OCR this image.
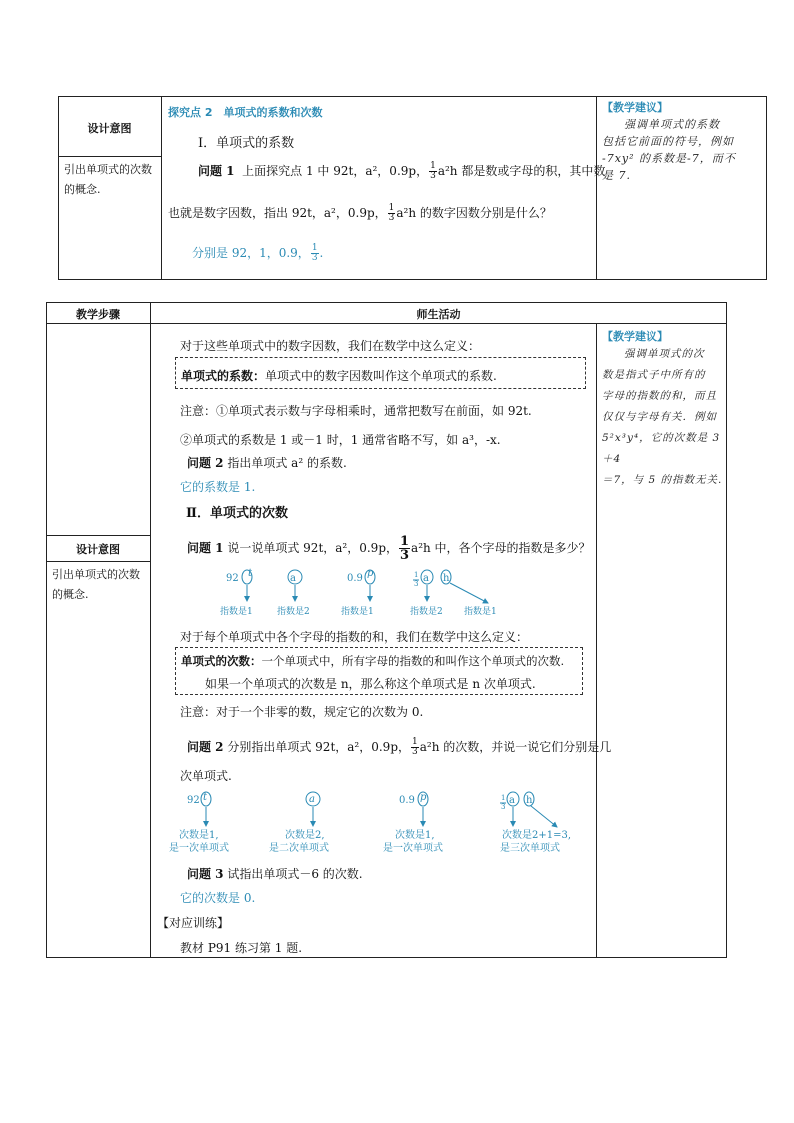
设计意图
引出单项式的次数的概念.
探究点 2　单项式的系数和次数
Ⅰ．单项式的系数
问题 1 上面探究点 1 中 92t，a²，0.9p， $\frac{1}{3} a^2h$ 都是数或字母的积，其中数
也就是数字因数，指出 92t，a²，0.9p， $\frac{1}{3} a^2h$ 的数字因数分别是什么？
分别是 92，1，0.9， $\frac{1}{3}$ .
【教学建议】
强调单项式的系数
包括它前面的符号，例如
-7xy² 的系数是-7，而不
是 7.
教学步骤	师生活动
设计意图
引出单项式的次数的概念.
对于这些单项式中的数字因数，我们在数学中这么定义：
单项式的系数：单项式中的数字因数叫作这个单项式的系数.
注意：①单项式表示数与字母相乘时，通常把数写在前面，如 92t.
②单项式的系数是 1 或－1 时，1 通常省略不写，如 a³，-x.
问题 2 指出单项式 a² 的系数.
它的系数是 1.
Ⅱ．单项式的次数
问题 1 说一说单项式 92t，a²，0.9p， $\frac{1}{3} a^2h$ 中，各个字母的指数是多少？
92	a	0.9	1
3 a h
指数是1	指数是2	指数是1	指数是2 指数是1
t	p
对于每个单项式中各个字母的指数的和，我们在数学中这么定义：
单项式的次数：一个单项式中，所有字母的指数的和叫作这个单项式的次数.
如果一个单项式的次数是 n，那么称这个单项式是 n 次单项式.
注意：对于一个非零的数，规定它的次数为 0.
问题 2 分别指出单项式 92t，a²，0.9p， $\frac{1}{3} a^2h$ 的次数，并说一说它们分别是几
次单项式.
92	0.9	1
3
a h
a
次数是1,
是一次单项式
次数是2,
是二次单项式
次数是1,
是一次单项式
次数是2+1=3,
是三次单项式
t	p
问题 3 试指出单项式－6 的次数.
它的次数是 0.
【对应训练】
教材 P91 练习第 1 题.
【教学建议】
强调单项式的次
数是指式子中所有的
字母的指数的和，而且
仅仅与字母有关．例如
5²x³y⁴，它的次数是 3＋4
＝7，与 5 的指数无关.
